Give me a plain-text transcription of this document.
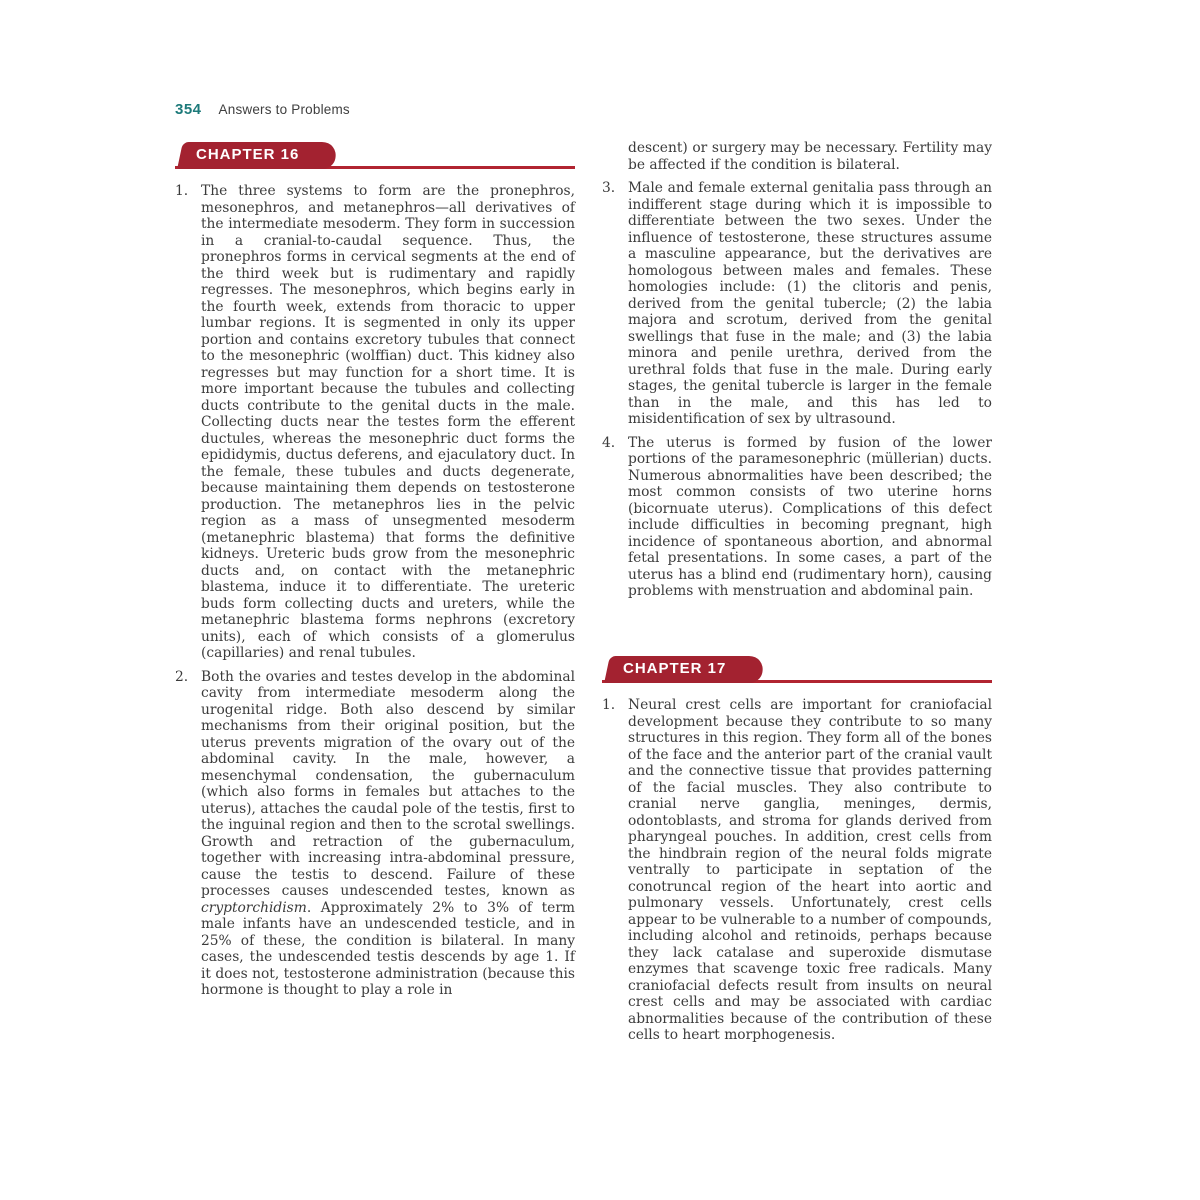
354 Answers to Problems
CHAPTER 16
1. The three systems to form are the pronephros, mesonephros, and metanephros—all derivatives of the intermediate mesoderm. They form in succession in a cranial-to-caudal sequence. Thus, the pronephros forms in cervical segments at the end of the third week but is rudimentary and rapidly regresses. The mesonephros, which begins early in the fourth week, extends from thoracic to upper lumbar regions. It is segmented in only its upper portion and contains excretory tubules that connect to the mesonephric (wolffian) duct. This kidney also regresses but may function for a short time. It is more important because the tubules and collecting ducts contribute to the genital ducts in the male. Collecting ducts near the testes form the efferent ductules, whereas the mesonephric duct forms the epididymis, ductus deferens, and ejaculatory duct. In the female, these tubules and ducts degenerate, because maintaining them depends on testosterone production. The metanephros lies in the pelvic region as a mass of unsegmented mesoderm (metanephric blastema) that forms the definitive kidneys. Ureteric buds grow from the mesonephric ducts and, on contact with the metanephric blastema, induce it to differentiate. The ureteric buds form collecting ducts and ureters, while the metanephric blastema forms nephrons (excretory units), each of which consists of a glomerulus (capillaries) and renal tubules.
2. Both the ovaries and testes develop in the abdominal cavity from intermediate mesoderm along the urogenital ridge. Both also descend by similar mechanisms from their original position, but the uterus prevents migration of the ovary out of the abdominal cavity. In the male, however, a mesenchymal condensation, the gubernaculum (which also forms in females but attaches to the uterus), attaches the caudal pole of the testis, first to the inguinal region and then to the scrotal swellings. Growth and retraction of the gubernaculum, together with increasing intra-abdominal pressure, cause the testis to descend. Failure of these processes causes undescended testes, known as cryptorchidism. Approximately 2% to 3% of term male infants have an undescended testicle, and in 25% of these, the condition is bilateral. In many cases, the undescended testis descends by age 1. If it does not, testosterone administration (because this hormone is thought to play a role in
descent) or surgery may be necessary. Fertility may be affected if the condition is bilateral.
3. Male and female external genitalia pass through an indifferent stage during which it is impossible to differentiate between the two sexes. Under the influence of testosterone, these structures assume a masculine appearance, but the derivatives are homologous between males and females. These homologies include: (1) the clitoris and penis, derived from the genital tubercle; (2) the labia majora and scrotum, derived from the genital swellings that fuse in the male; and (3) the labia minora and penile urethra, derived from the urethral folds that fuse in the male. During early stages, the genital tubercle is larger in the female than in the male, and this has led to misidentification of sex by ultrasound.
4. The uterus is formed by fusion of the lower portions of the paramesonephric (müllerian) ducts. Numerous abnormalities have been described; the most common consists of two uterine horns (bicornuate uterus). Complications of this defect include difficulties in becoming pregnant, high incidence of spontaneous abortion, and abnormal fetal presentations. In some cases, a part of the uterus has a blind end (rudimentary horn), causing problems with menstruation and abdominal pain.
CHAPTER 17
1. Neural crest cells are important for craniofacial development because they contribute to so many structures in this region. They form all of the bones of the face and the anterior part of the cranial vault and the connective tissue that provides patterning of the facial muscles. They also contribute to cranial nerve ganglia, meninges, dermis, odontoblasts, and stroma for glands derived from pharyngeal pouches. In addition, crest cells from the hindbrain region of the neural folds migrate ventrally to participate in septation of the conotruncal region of the heart into aortic and pulmonary vessels. Unfortunately, crest cells appear to be vulnerable to a number of compounds, including alcohol and retinoids, perhaps because they lack catalase and superoxide dismutase enzymes that scavenge toxic free radicals. Many craniofacial defects result from insults on neural crest cells and may be associated with cardiac abnormalities because of the contribution of these cells to heart morphogenesis.
